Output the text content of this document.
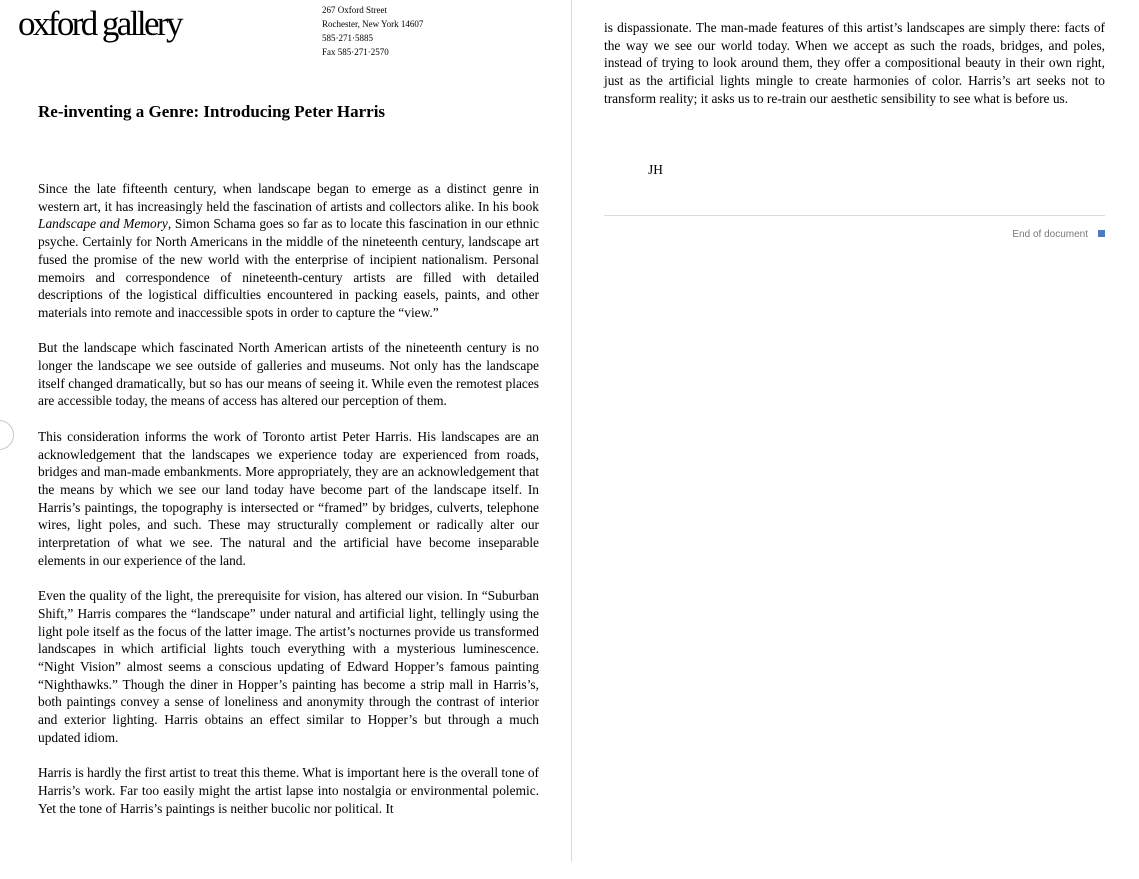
oxford gallery	267 Oxford Street
Rochester, New York 14607
585·271·5885
Fax 585·271·2570
Re-inventing a Genre: Introducing Peter Harris

Since the late fifteenth century, when landscape began to emerge as a distinct genre in western art, it has increasingly held the fascination of artists and collectors alike. In his book Landscape and Memory, Simon Schama goes so far as to locate this fascination in our ethnic psyche. Certainly for North Americans in the middle of the nineteenth century, landscape art fused the promise of the new world with the enterprise of incipient nationalism. Personal memoirs and correspondence of nineteenth-century artists are filled with detailed descriptions of the logistical difficulties encountered in packing easels, paints, and other materials into remote and inaccessible spots in order to capture the “view.”

But the landscape which fascinated North American artists of the nineteenth century is no longer the landscape we see outside of galleries and museums. Not only has the landscape itself changed dramatically, but so has our means of seeing it. While even the remotest places are accessible today, the means of access has altered our perception of them.

This consideration informs the work of Toronto artist Peter Harris. His landscapes are an acknowledgement that the landscapes we experience today are experienced from roads, bridges and man-made embankments. More appropriately, they are an acknowledgement that the means by which we see our land today have become part of the landscape itself. In Harris’s paintings, the topography is intersected or “framed” by bridges, culverts, telephone wires, light poles, and such. These may structurally complement or radically alter our interpretation of what we see. The natural and the artificial have become inseparable elements in our experience of the land.

Even the quality of the light, the prerequisite for vision, has altered our vision. In “Suburban Shift,” Harris compares the “landscape” under natural and artificial light, tellingly using the light pole itself as the focus of the latter image. The artist’s nocturnes provide us transformed landscapes in which artificial lights touch everything with a mysterious luminescence. “Night Vision” almost seems a conscious updating of Edward Hopper’s famous painting “Nighthawks.” Though the diner in Hopper’s painting has become a strip mall in Harris’s, both paintings convey a sense of loneliness and anonymity through the contrast of interior and exterior lighting. Harris obtains an effect similar to Hopper’s but through a much updated idiom.

Harris is hardly the first artist to treat this theme. What is important here is the overall tone of Harris’s work. Far too easily might the artist lapse into nostalgia or environmental polemic. Yet the tone of Harris’s paintings is neither bucolic nor political. It

is dispassionate. The man-made features of this artist’s landscapes are simply there: facts of the way we see our world today. When we accept as such the roads, bridges, and poles, instead of trying to look around them, they offer a compositional beauty in their own right, just as the artificial lights mingle to create harmonies of color. Harris’s art seeks not to transform reality; it asks us to re-train our aesthetic sensibility to see what is before us.

JH
End of document
